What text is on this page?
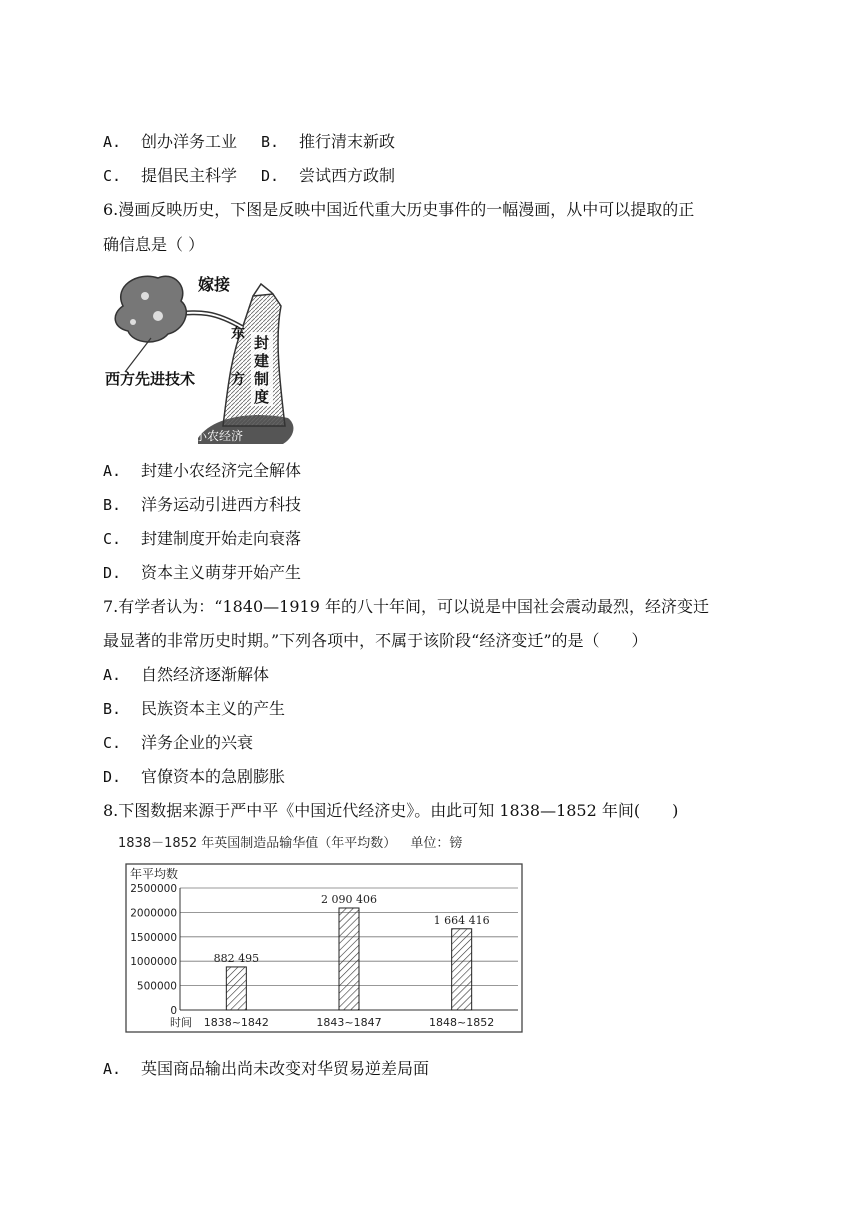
A. 创办洋务工业 B. 推行清末新政
C. 提倡民主科学 D. 尝试西方政制
6.漫画反映历史，下图是反映中国近代重大历史事件的一幅漫画，从中可以提取的正
确信息是（ ）
嫁接
东
方
封
建
制
度
西方先进技术
小农经济
A. 封建小农经济完全解体
B. 洋务运动引进西方科技
C. 封建制度开始走向衰落
D. 资本主义萌芽开始产生
7.有学者认为：“1840—1919 年的八十年间，可以说是中国社会震动最烈，经济变迁
最显著的非常历史时期。”下列各项中，不属于该阶段“经济变迁”的是（　　）
A. 自然经济逐渐解体
B. 民族资本主义的产生
C. 洋务企业的兴衰
D. 官僚资本的急剧膨胀
8.下图数据来源于严中平《中国近代经济史》。由此可知 1838—1852 年间(　　)
1838－1852 年英国制造品输华值（年平均数） 单位：镑
年平均数
0
500000
1000000
1500000
2000000
2500000
时间
882 495
1838~1842
2 090 406
1843~1847
1 664 416
1848~1852
A. 英国商品输出尚未改变对华贸易逆差局面
